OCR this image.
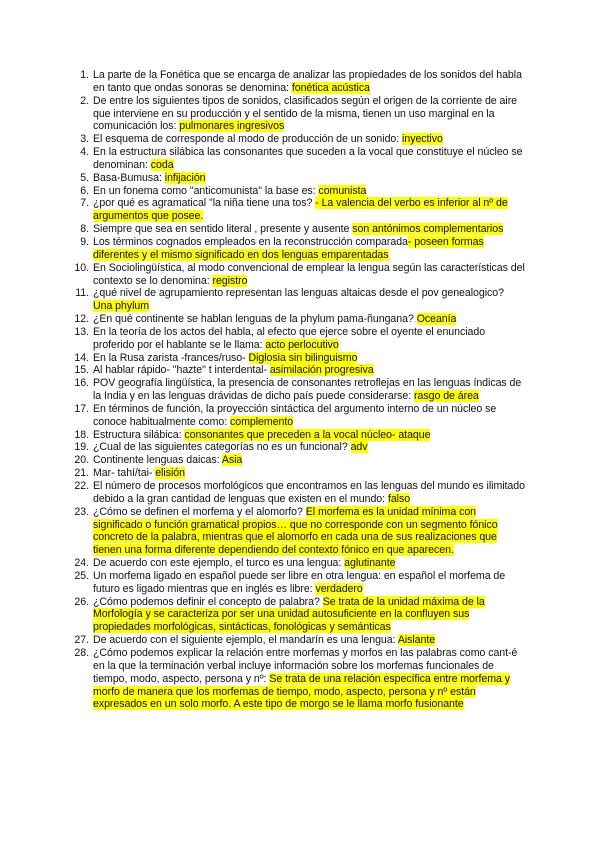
1. La parte de la Fonética que se encarga de analizar las propiedades de los sonidos del habla en tanto que ondas sonoras se denomina: fonética acústica
2. De entre los siguientes tipos de sonidos, clasificados según el origen de la corriente de aire que interviene en su producción y el sentido de la misma, tienen un uso marginal en la comunicación los: pulmonares ingresivos
3. El esquema de corresponde al modo de producción de un sonido: inyectivo
4. En la estructura silábica las consonantes que suceden a la vocal que constituye el núcleo se denominan: coda
5. Basa-Bumusa: infijación
6. En un fonema como "anticomunista" la base es: comunista
7. ¿por qué es agramatical "la niña tiene una tos? - La valencia del verbo es inferior al nº de argumentos que posee.
8. Siempre que sea en sentido literal , presente y ausente son antónimos complementarios
9. Los términos cognados empleados en la reconstrucción comparada- poseen formas diferentes y el mismo significado en dos lenguas emparentadas
10. En Sociolingüística, al modo convencional de emplear la lengua según las características del contexto se lo denomina: registro
11. ¿qué nivel de agrupamiento representan las lenguas altaicas desde el pov genealogico? Una phylum
12. ¿En qué continente se hablan lenguas de la phylum pama-ñungana? Oceanía
13. En la teoría de los actos del habla, al efecto que ejerce sobre el oyente el enunciado proferido por el hablante se le llama: acto perlocutivo
14. En la Rusa zarista -frances/ruso- Diglosia sin bilinguismo
15. Al hablar rápido- "hazte" t interdental- asimilación progresiva
16. POV geografía lingüística, la presencia de consonantes retroflejas en las lenguas índicas de la India y en las lenguas drávidas de dicho país puede considerarse: rasgo de área
17. En términos de función, la proyección sintáctica del argumento interno de un núcleo se conoce habitualmente como: complemento
18. Estructura silábica: consonantes que preceden a la vocal núcleo- ataque
19. ¿Cual de las siguientes categorías no es un funcional? adv
20. Continente lenguas daicas: Asia
21. Mar- tahí/tai- elisión
22. El número de procesos morfológicos que encontramos en las lenguas del mundo es ilimitado debido a la gran cantidad de lenguas que existen en el mundo: falso
23. ¿Cómo se definen el morfema y el alomorfo? El morfema es la unidad mínima con significado o función gramatical propios… que no corresponde con un segmento fónico concreto de la palabra, mientras que el alomorfo en cada una de sus realizaciones que tienen una forma diferente dependiendo del contexto fónico en que aparecen.
24. De acuerdo con este ejemplo, el turco es una lengua: aglutinante
25. Un morfema ligado en español puede ser libre en otra lengua: en español el morfema de futuro es ligado mientras que en inglés es libre: verdadero
26. ¿Cómo podemos definir el concepto de palabra? Se trata de la unidad máxima de la Morfología y se caracteriza por ser una unidad autosuficiente en la confluyen sus propiedades morfológicas, sintácticas, fonológicas y semánticas
27. De acuerdo con el siguiente ejemplo, el mandarín es una lengua: Aislante
28. ¿Cómo podemos explicar la relación entre morfemas y morfos en las palabras como cant-é en la que la terminación verbal incluye información sobre los morfemas funcionales de tiempo, modo, aspecto, persona y nº: Se trata de una relación específica entre morfema y morfo de manera que los morfemas de tiempo, modo, aspecto, persona y nº están expresados en un solo morfo. A este tipo de morgo se le llama morfo fusionante
